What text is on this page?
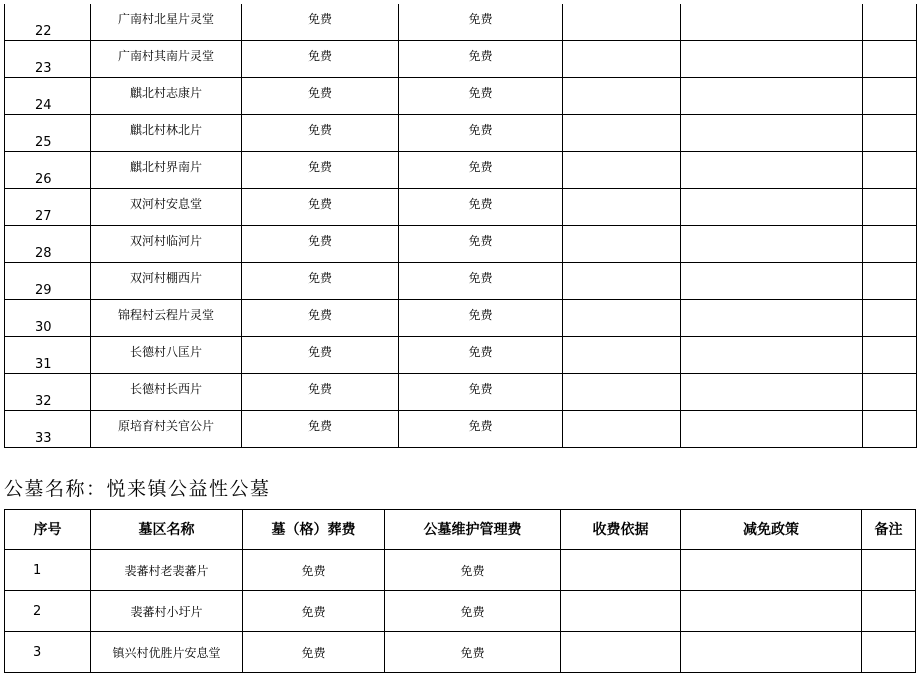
22	广南村北星片灵堂	免费	免费			
23	广南村其南片灵堂	免费	免费			
24	麒北村志康片	免费	免费			
25	麒北村林北片	免费	免费			
26	麒北村界南片	免费	免费			
27	双河村安息堂	免费	免费			
28	双河村临河片	免费	免费			
29	双河村棚西片	免费	免费			
30	锦程村云程片灵堂	免费	免费			
31	长德村八匡片	免费	免费			
32	长德村长西片	免费	免费			
33	原培育村关官公片	免费	免费			
公墓名称：悦来镇公益性公墓
序号	墓区名称	墓（格）葬费	公墓维护管理费	收费依据	减免政策	备注
1	裴蕃村老裴蕃片	免费	免费			
2	裴蕃村小圩片	免费	免费			
3	镇兴村优胜片安息堂	免费	免费			
